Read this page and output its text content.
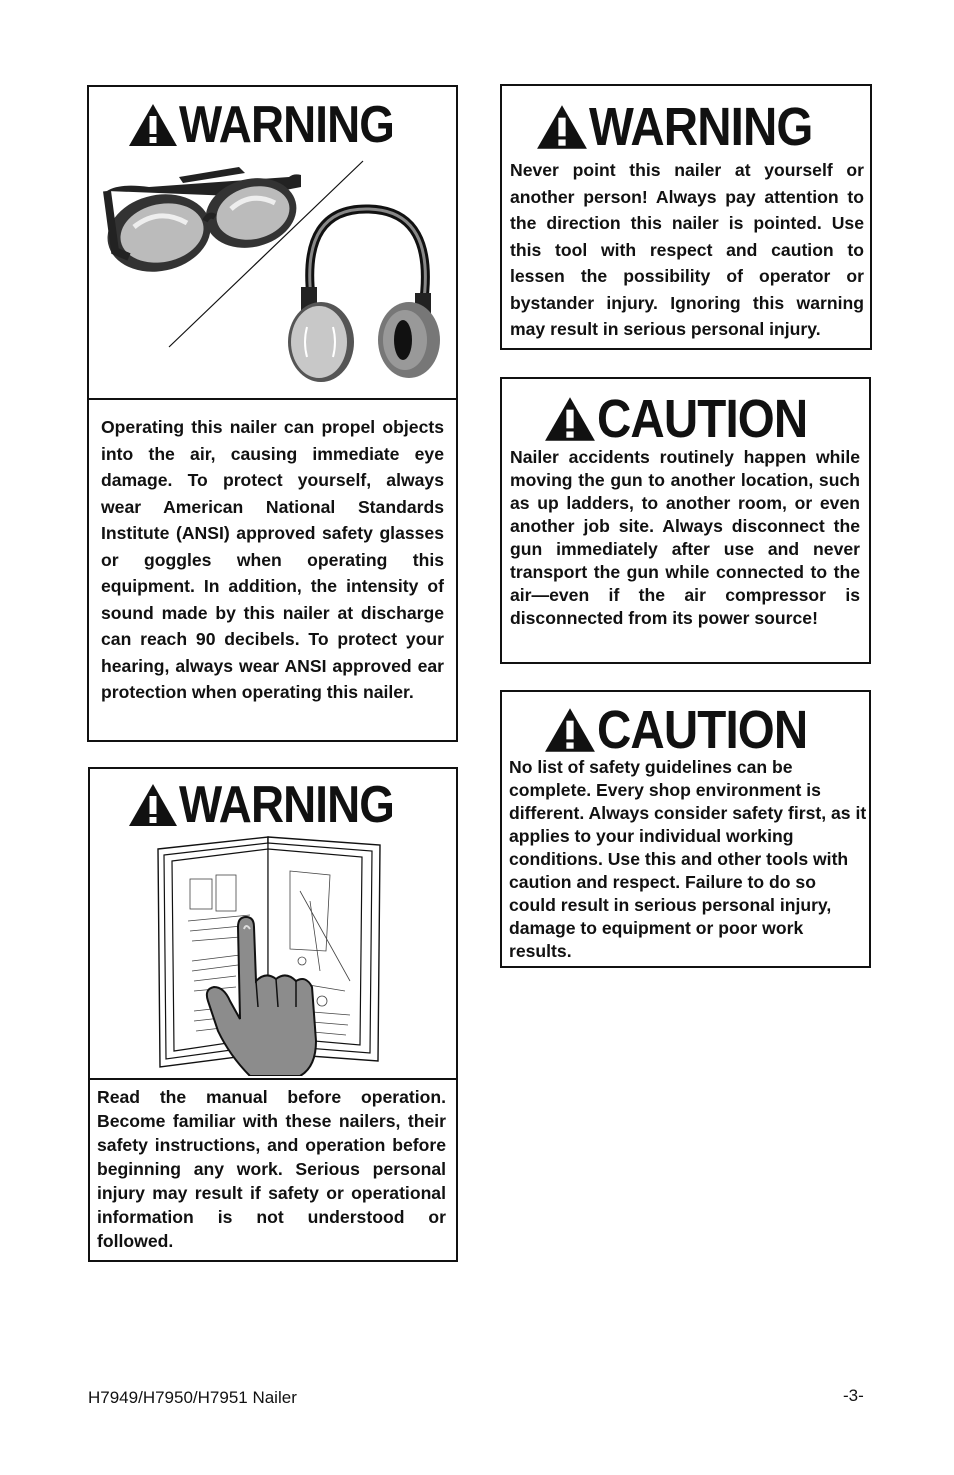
WARNING
Operating this nailer can propel objects into the air, causing immediate eye damage. To protect yourself, always wear American National Standards Institute (ANSI) approved safety glasses or goggles when operating this equipment. In addition, the intensity of sound made by this nailer at discharge can reach 90 decibels. To protect your hearing, always wear ANSI approved ear protection when operating this nailer.
WARNING
Read the manual before operation. Become familiar with these nailers, their safety instructions, and operation before beginning any work. Serious personal injury may result if safety or operational information is not understood or followed.
WARNING
Never point this nailer at yourself or another person! Always pay attention to the direction this nailer is pointed. Use this tool with respect and caution to lessen the possibility of operator or bystander injury. Ignoring this warning may result in serious personal injury.
CAUTION
Nailer accidents routinely happen while moving the gun to another location, such as up ladders, to another room, or even another job site. Always disconnect the gun immediately after use and never transport the gun while connected to the air—even if the air compressor is disconnected from its power source!
CAUTION
No list of safety guidelines can be complete. Every shop environment is different. Always consider safety first, as it applies to your individual working conditions. Use this and other tools with caution and respect. Failure to do so could result in serious personal injury, damage to equipment or poor work results.
H7949/H7950/H7951 Nailer	-3-
